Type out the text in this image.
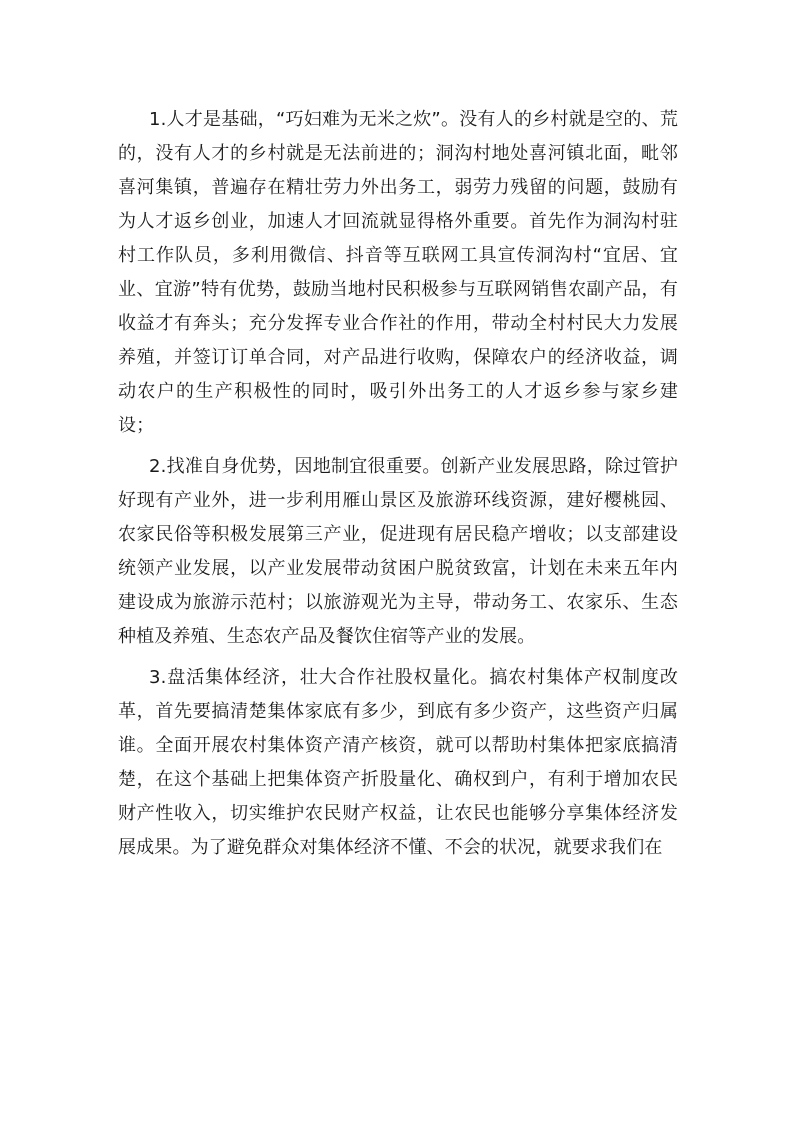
1.人才是基础，“巧妇难为无米之炊”。没有人的乡村就是空的、荒的，没有人才的乡村就是无法前进的；洞沟村地处喜河镇北面，毗邻喜河集镇，普遍存在精壮劳力外出务工，弱劳力残留的问题，鼓励有为人才返乡创业，加速人才回流就显得格外重要。首先作为洞沟村驻村工作队员，多利用微信、抖音等互联网工具宣传洞沟村“宜居、宜业、宜游”特有优势，鼓励当地村民积极参与互联网销售农副产品，有收益才有奔头；充分发挥专业合作社的作用，带动全村村民大力发展养殖，并签订订单合同，对产品进行收购，保障农户的经济收益，调动农户的生产积极性的同时，吸引外出务工的人才返乡参与家乡建设；

2.找准自身优势，因地制宜很重要。创新产业发展思路，除过管护好现有产业外，进一步利用雁山景区及旅游环线资源，建好樱桃园、农家民俗等积极发展第三产业，促进现有居民稳产增收；以支部建设统领产业发展，以产业发展带动贫困户脱贫致富，计划在未来五年内建设成为旅游示范村；以旅游观光为主导，带动务工、农家乐、生态种植及养殖、生态农产品及餐饮住宿等产业的发展。

3.盘活集体经济，壮大合作社股权量化。搞农村集体产权制度改革，首先要搞清楚集体家底有多少，到底有多少资产，这些资产归属谁。全面开展农村集体资产清产核资，就可以帮助村集体把家底搞清楚，在这个基础上把集体资产折股量化、确权到户，有利于增加农民财产性收入，切实维护农民财产权益，让农民也能够分享集体经济发展成果。为了避免群众对集体经济不懂、不会的状况，就要求我们在
